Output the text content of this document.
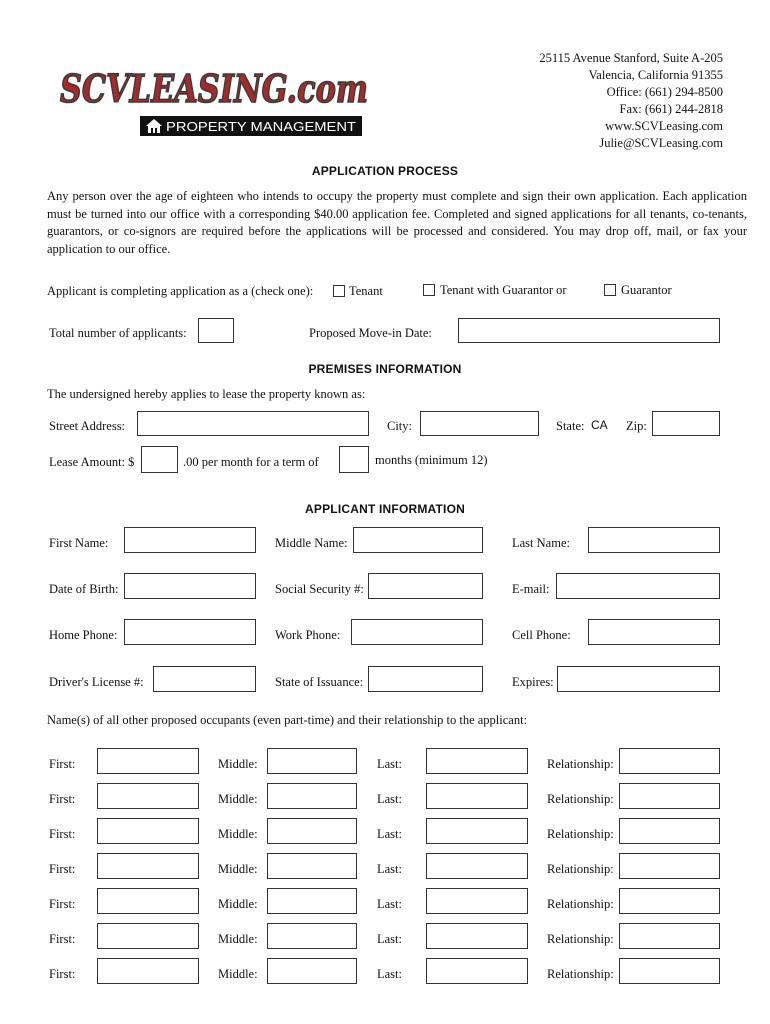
SCVLEASING.com
PROPERTY MANAGEMENT
25115 Avenue Stanford, Suite A-205
Valencia, California 91355
Office: (661) 294-8500
Fax: (661) 244-2818
www.SCVLeasing.com
Julie@SCVLeasing.com
APPLICATION PROCESS
Any person over the age of eighteen who intends to occupy the property must complete and sign their own application. Each application must be turned into our office with a corresponding $40.00 application fee. Completed and signed applications for all tenants, co-tenants, guarantors, or co-signors are required before the applications will be processed and considered. You may drop off, mail, or fax your application to our office.
Applicant is completing application as a (check one):	Tenant	Tenant with Guarantor or	Guarantor
Total number of applicants:	Proposed Move-in Date:
PREMISES INFORMATION
The undersigned hereby applies to lease the property known as:
Street Address:	City:	State: CA Zip:
Lease Amount: $	.00 per month for a term of	months (minimum 12)
APPLICANT INFORMATION
First Name:	Middle Name:	Last Name:
Date of Birth:	Social Security #:	E-mail:
Home Phone:	Work Phone:	Cell Phone:
Driver's License #:	State of Issuance:	Expires:
Name(s) of all other proposed occupants (even part-time) and their relationship to the applicant:
First:	Middle:	Last:	Relationship:
First:	Middle:	Last:	Relationship:
First:	Middle:	Last:	Relationship:
First:	Middle:	Last:	Relationship:
First:	Middle:	Last:	Relationship:
First:	Middle:	Last:	Relationship:
First:	Middle:	Last:	Relationship:
